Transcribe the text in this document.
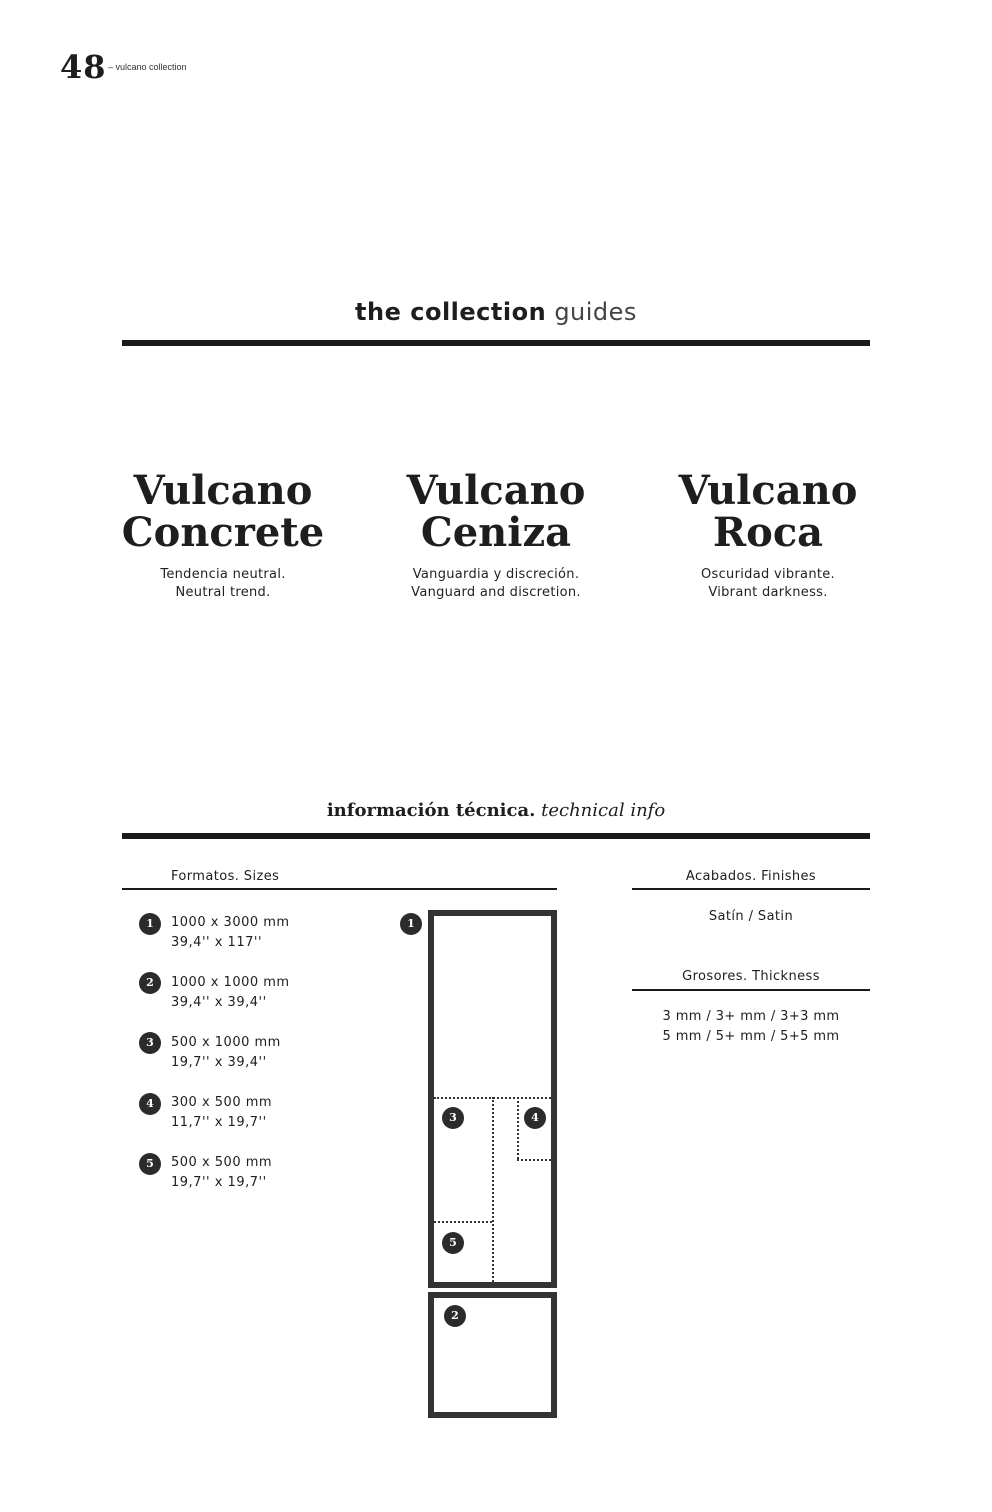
48 – vulcano collection
the collection guides
Vulcano
Concrete
Tendencia neutral.
Neutral trend.
Vulcano
Ceniza
Vanguardia y discreción.
Vanguard and discretion.
Vulcano
Roca
Oscuridad vibrante.
Vibrant darkness.
información técnica. technical info
Formatos. Sizes
1	1000 x 3000 mm
39,4'' x 117''
2	1000 x 1000 mm
39,4'' x 39,4''
3	500 x 1000 mm
19,7'' x 39,4''
4	300 x 500 mm
11,7'' x 19,7''
5	500 x 500 mm
19,7'' x 19,7''
1
3	4
5
2
Acabados. Finishes
Satín / Satin
Grosores. Thickness
3 mm / 3+ mm / 3+3 mm
5 mm / 5+ mm / 5+5 mm
